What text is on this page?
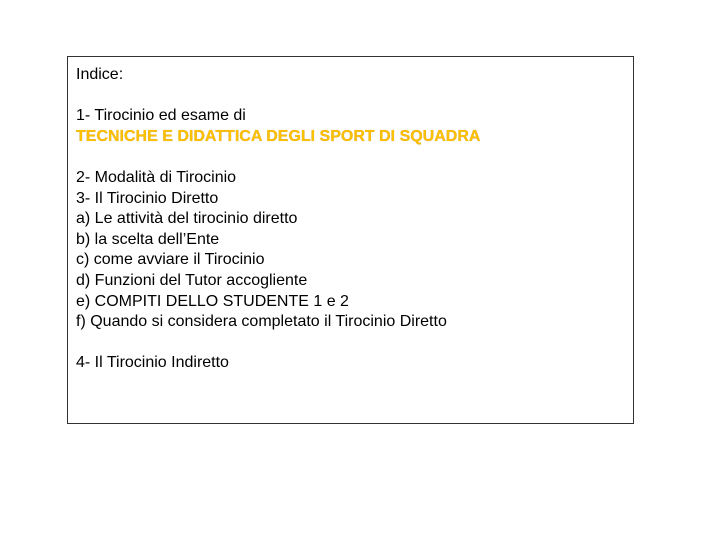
Indice:

1- Tirocinio ed esame di

TECNICHE E DIDATTICA DEGLI SPORT DI SQUADRA

2- Modalità di Tirocinio

3- Il Tirocinio Diretto

a) Le attività del tirocinio diretto

b) la scelta dell’Ente

c) come avviare il Tirocinio

d) Funzioni del Tutor accogliente

e) COMPITI DELLO STUDENTE 1 e 2

f) Quando si considera completato il Tirocinio Diretto

4- Il Tirocinio Indiretto
